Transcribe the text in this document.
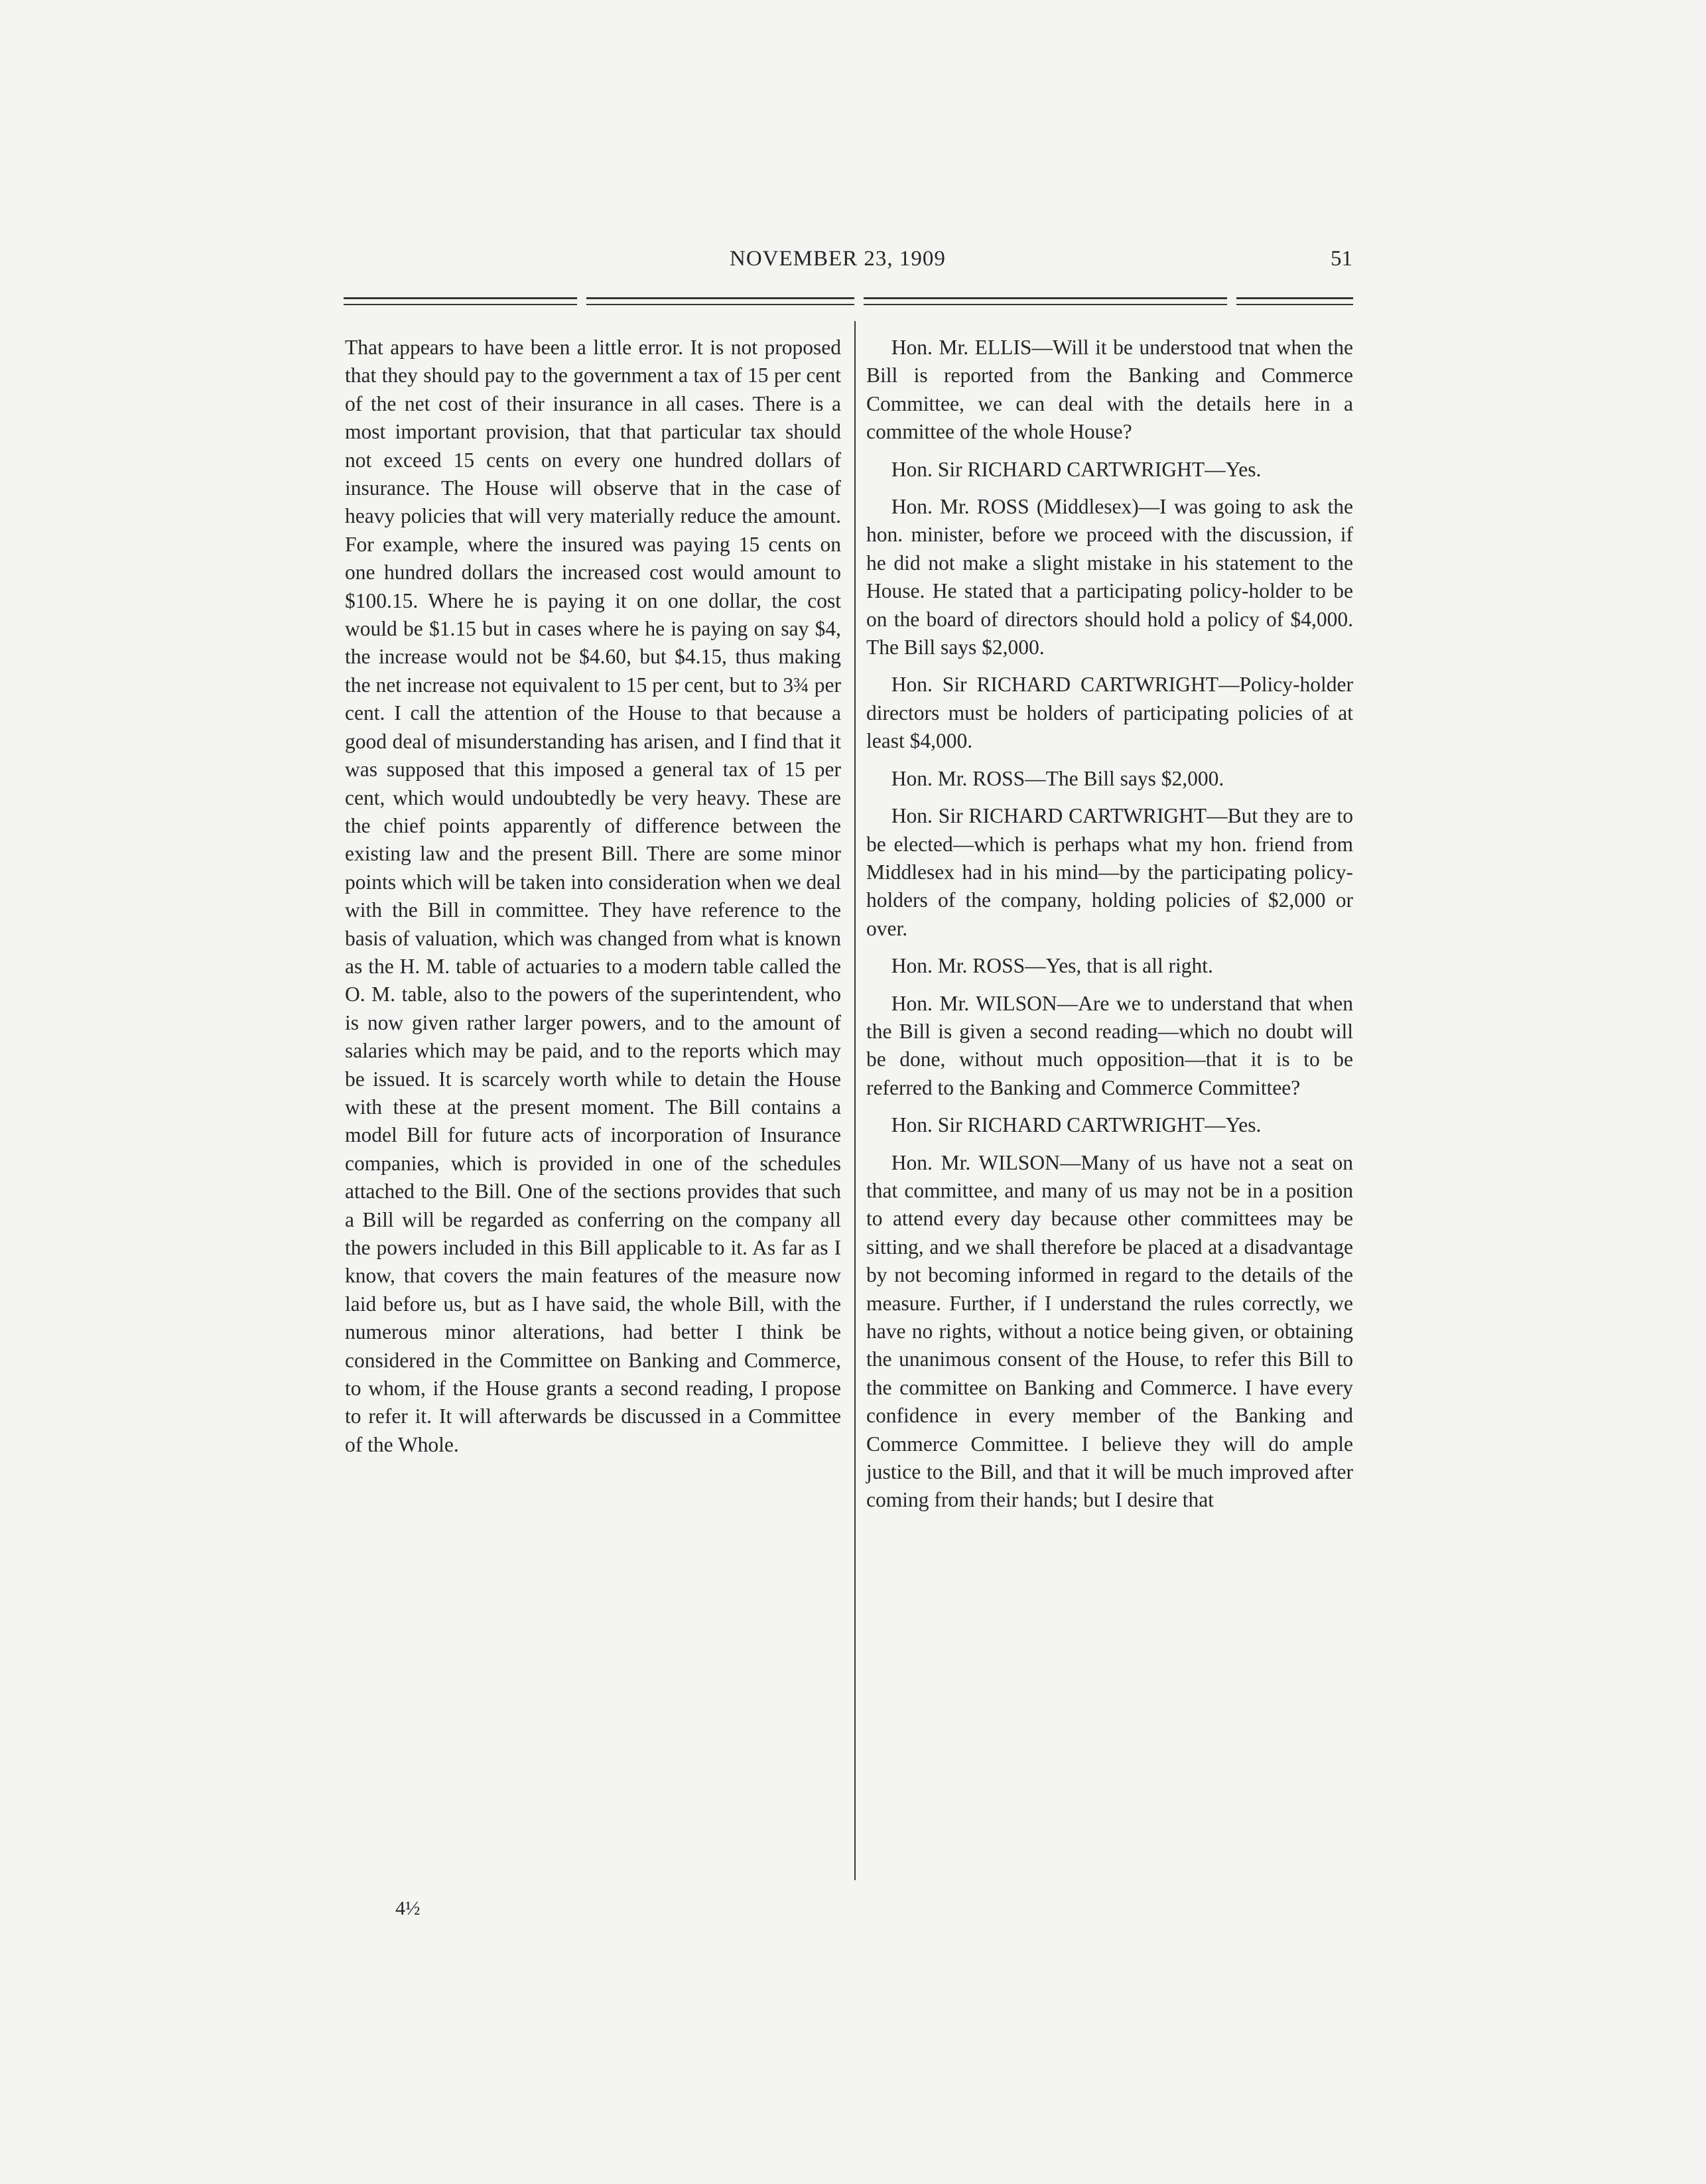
NOVEMBER 23, 1909	51

That appears to have been a little error. It is not proposed that they should pay to the government a tax of 15 per cent of the net cost of their insurance in all cases. There is a most important provision, that that particular tax should not exceed 15 cents on every one hundred dollars of insurance. The House will observe that in the case of heavy policies that will very materially reduce the amount. For example, where the insured was paying 15 cents on one hundred dollars the increased cost would amount to $100.15. Where he is paying it on one dollar, the cost would be $1.15 but in cases where he is paying on say $4, the increase would not be $4.60, but $4.15, thus making the net increase not equivalent to 15 per cent, but to 3¾ per cent. I call the attention of the House to that because a good deal of misunderstanding has arisen, and I find that it was supposed that this imposed a general tax of 15 per cent, which would undoubtedly be very heavy. These are the chief points apparently of difference between the existing law and the present Bill. There are some minor points which will be taken into consideration when we deal with the Bill in committee. They have reference to the basis of valuation, which was changed from what is known as the H. M. table of actuaries to a modern table called the O. M. table, also to the powers of the superintendent, who is now given rather larger powers, and to the amount of salaries which may be paid, and to the reports which may be issued. It is scarcely worth while to detain the House with these at the present moment. The Bill contains a model Bill for future acts of incorporation of Insurance companies, which is provided in one of the schedules attached to the Bill. One of the sections provides that such a Bill will be regarded as conferring on the company all the powers included in this Bill applicable to it. As far as I know, that covers the main features of the measure now laid before us, but as I have said, the whole Bill, with the numerous minor alterations, had better I think be considered in the Committee on Banking and Commerce, to whom, if the House grants a second reading, I propose to refer it. It will afterwards be discussed in a Committee of the Whole.

Hon. Mr. ELLIS—Will it be understood tnat when the Bill is reported from the Banking and Commerce Committee, we can deal with the details here in a committee of the whole House?

Hon. Sir RICHARD CARTWRIGHT—Yes.

Hon. Mr. ROSS (Middlesex)—I was going to ask the hon. minister, before we proceed with the discussion, if he did not make a slight mistake in his statement to the House. He stated that a participating policy-holder to be on the board of directors should hold a policy of $4,000. The Bill says $2,000.

Hon. Sir RICHARD CARTWRIGHT—Policy-holder directors must be holders of participating policies of at least $4,000.

Hon. Mr. ROSS—The Bill says $2,000.

Hon. Sir RICHARD CARTWRIGHT—But they are to be elected—which is perhaps what my hon. friend from Middlesex had in his mind—by the participating policy-holders of the company, holding policies of $2,000 or over.

Hon. Mr. ROSS—Yes, that is all right.

Hon. Mr. WILSON—Are we to understand that when the Bill is given a second reading—which no doubt will be done, without much opposition—that it is to be referred to the Banking and Commerce Committee?

Hon. Sir RICHARD CARTWRIGHT—Yes.

Hon. Mr. WILSON—Many of us have not a seat on that committee, and many of us may not be in a position to attend every day because other committees may be sitting, and we shall therefore be placed at a disadvantage by not becoming informed in regard to the details of the measure. Further, if I understand the rules correctly, we have no rights, without a notice being given, or obtaining the unanimous consent of the House, to refer this Bill to the committee on Banking and Commerce. I have every confidence in every member of the Banking and Commerce Committee. I believe they will do ample justice to the Bill, and that it will be much improved after coming from their hands; but I desire that

4½
